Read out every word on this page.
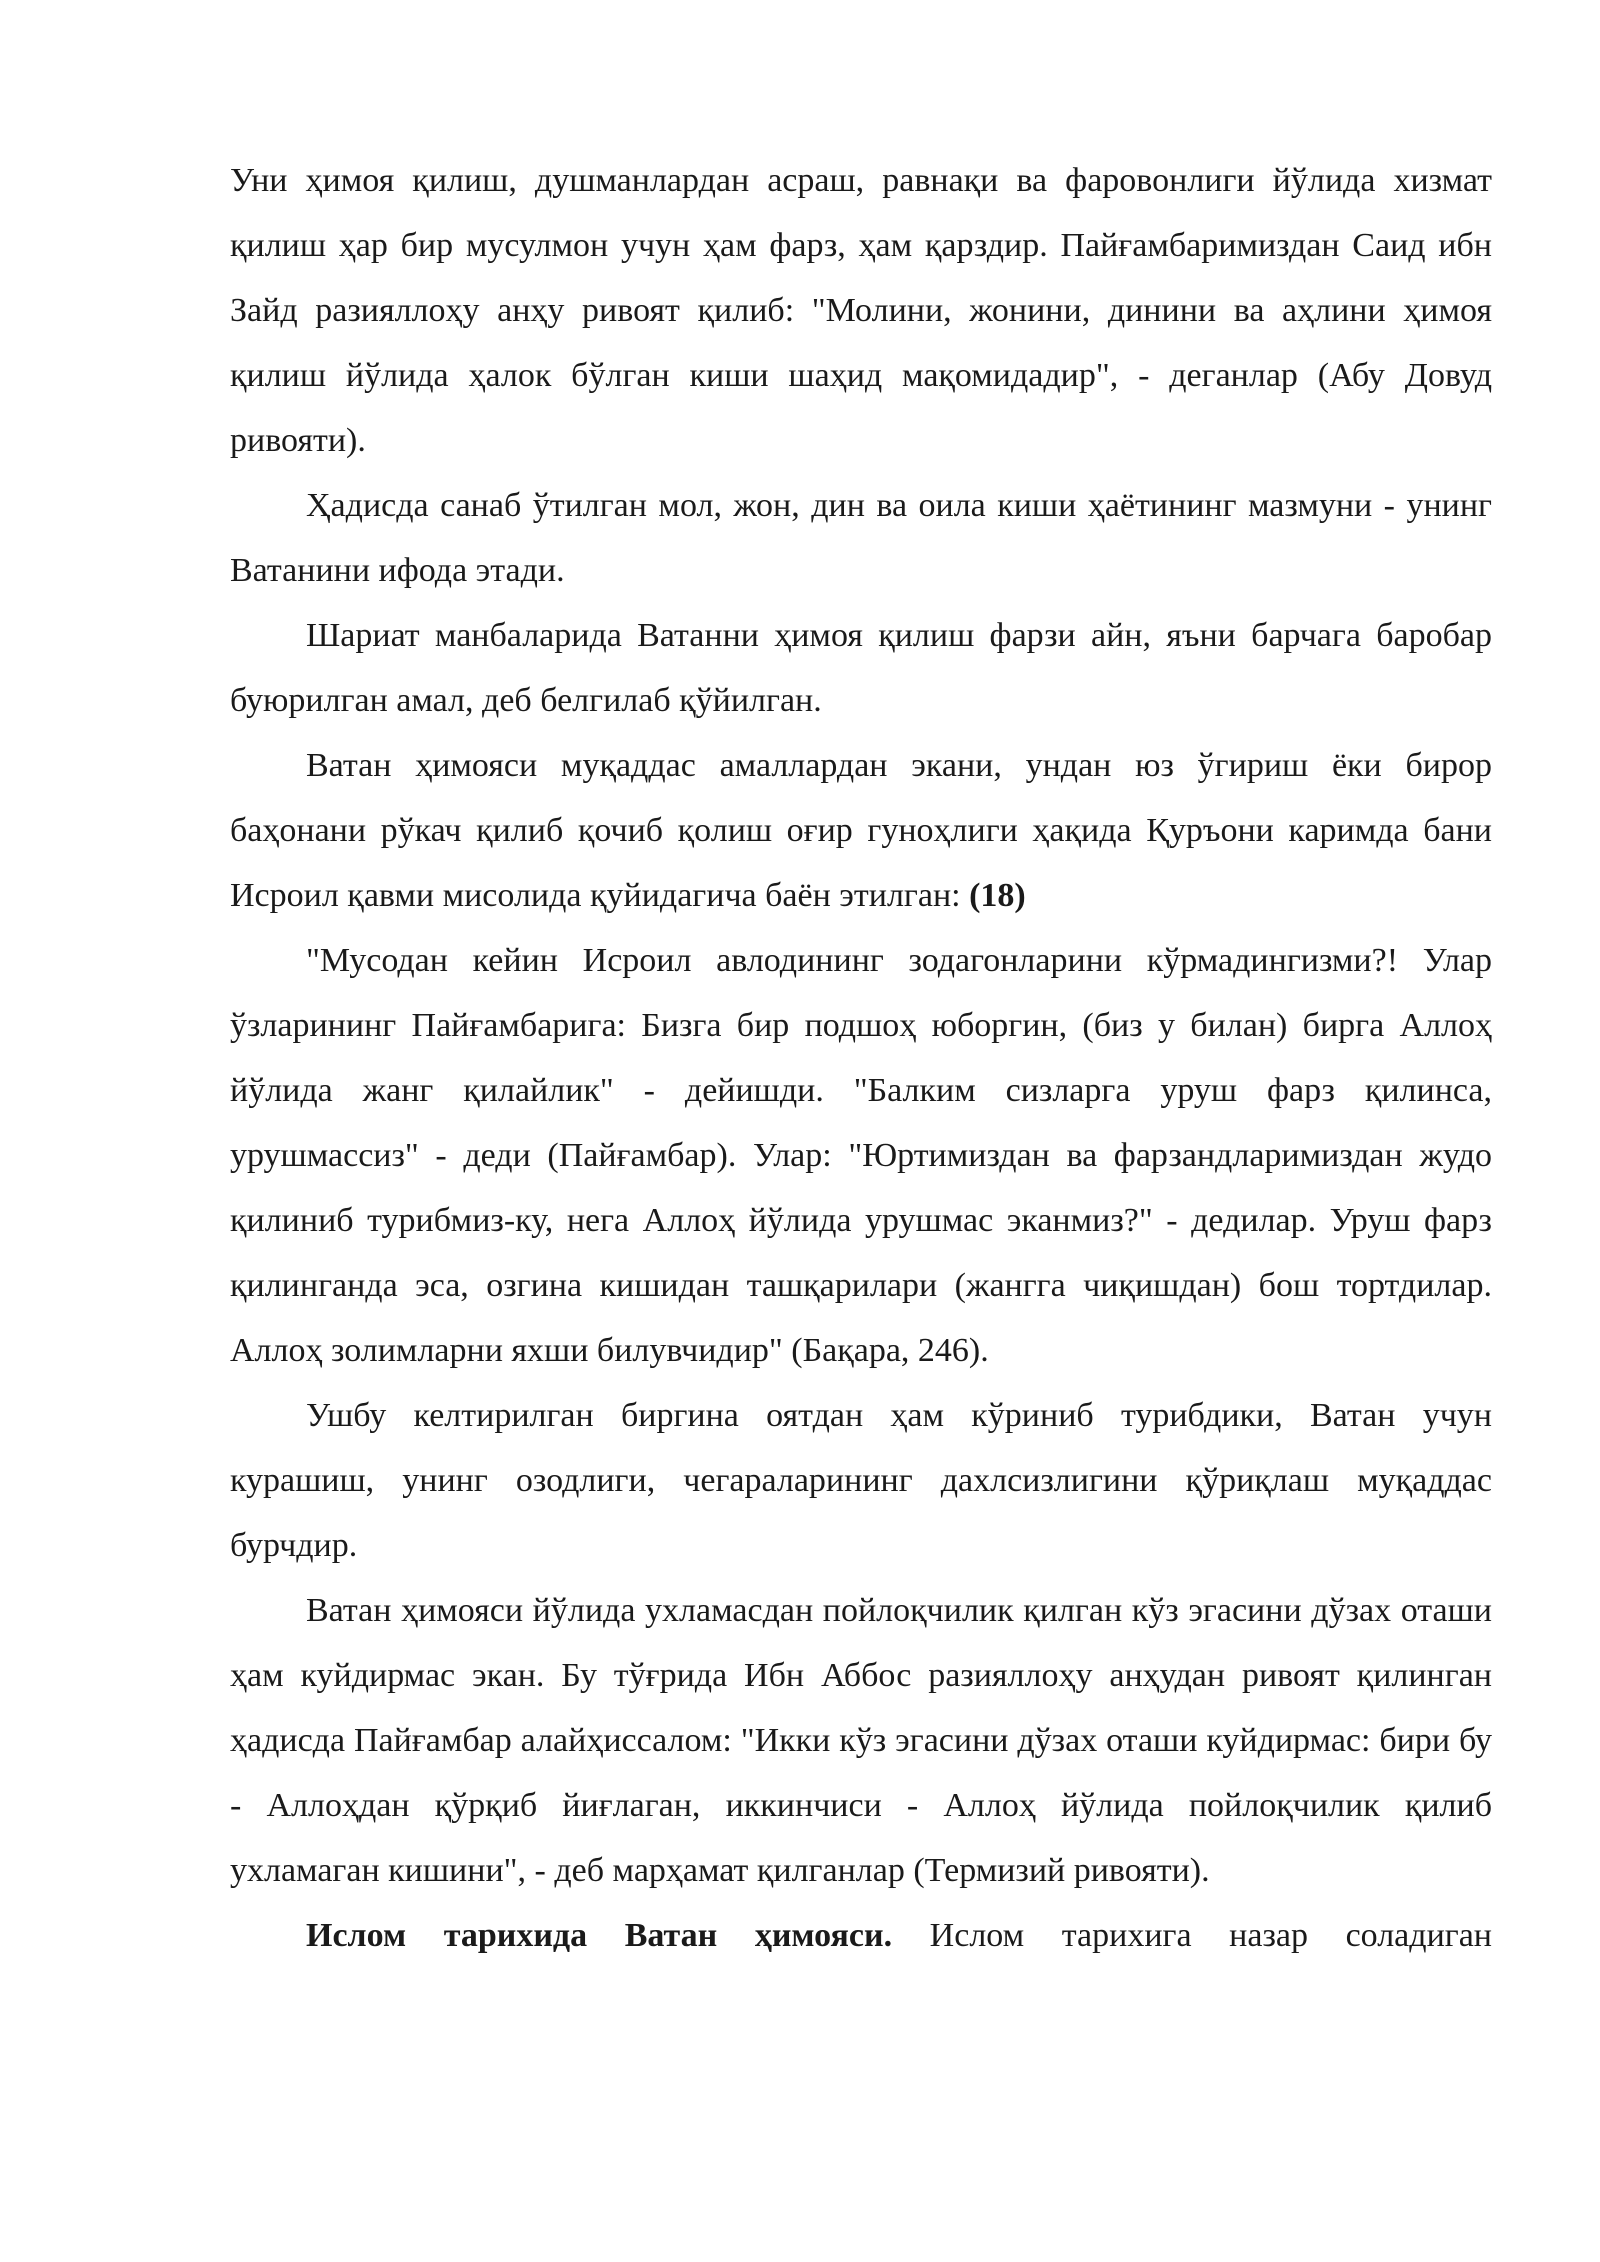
Уни ҳимоя қилиш, душманлардан асраш, равнақи ва фаровонлиги йўлида хизмат қилиш ҳар бир мусулмон учун ҳам фарз, ҳам қарздир. Пайғамбаримиздан Саид ибн Зайд разияллоҳу анҳу ривоят қилиб: "Молини, жонини, динини ва аҳлини ҳимоя қилиш йўлида ҳалок бўлган киши шаҳид мақомидадир", - деганлар (Абу Довуд ривояти).

Ҳадисда санаб ўтилган мол, жон, дин ва оила киши ҳаётининг мазмуни - унинг Ватанини ифода этади.

Шариат манбаларида Ватанни ҳимоя қилиш фарзи айн, яъни барчага баробар буюрилган амал, деб белгилаб қўйилган.

Ватан ҳимояси муқаддас амаллардан экани, ундан юз ўгириш ёки бирор баҳонани рўкач қилиб қочиб қолиш оғир гуноҳлиги ҳақида Қуръони каримда бани Исроил қавми мисолида қуйидагича баён этилган: (18)

"Мусодан кейин Исроил авлодининг зодагонларини кўрмадингизми?! Улар ўзларининг Пайғамбарига: Бизга бир подшоҳ юборгин, (биз у билан) бирга Аллоҳ йўлида жанг қилайлик" - дейишди. "Балким сизларга уруш фарз қилинса, урушмассиз" - деди (Пайғамбар). Улар: "Юртимиздан ва фарзандларимиздан жудо қилиниб турибмиз-ку, нега Аллоҳ йўлида урушмас эканмиз?" - дедилар. Уруш фарз қилинганда эса, озгина кишидан ташқарилари (жангга чиқишдан) бош тортдилар. Аллоҳ золимларни яхши билувчидир" (Бақара, 246).

Ушбу келтирилган биргина оятдан ҳам кўриниб турибдики, Ватан учун курашиш, унинг озодлиги, чегараларининг дахлсизлигини қўриқлаш муқаддас бурчдир.

Ватан ҳимояси йўлида ухламасдан пойлоқчилик қилган кўз эгасини дўзах оташи ҳам куйдирмас экан. Бу тўғрида Ибн Аббос разияллоҳу анҳудан ривоят қилинган ҳадисда Пайғамбар алайҳиссалом: "Икки кўз эгасини дўзах оташи куйдирмас: бири бу - Аллоҳдан қўрқиб йиғлаган, иккинчиси - Аллоҳ йўлида пойлоқчилик қилиб ухламаган кишини", - деб марҳамат қилганлар (Термизий ривояти).

Ислом тарихида Ватан ҳимояси. Ислом тарихига назар соладиган
